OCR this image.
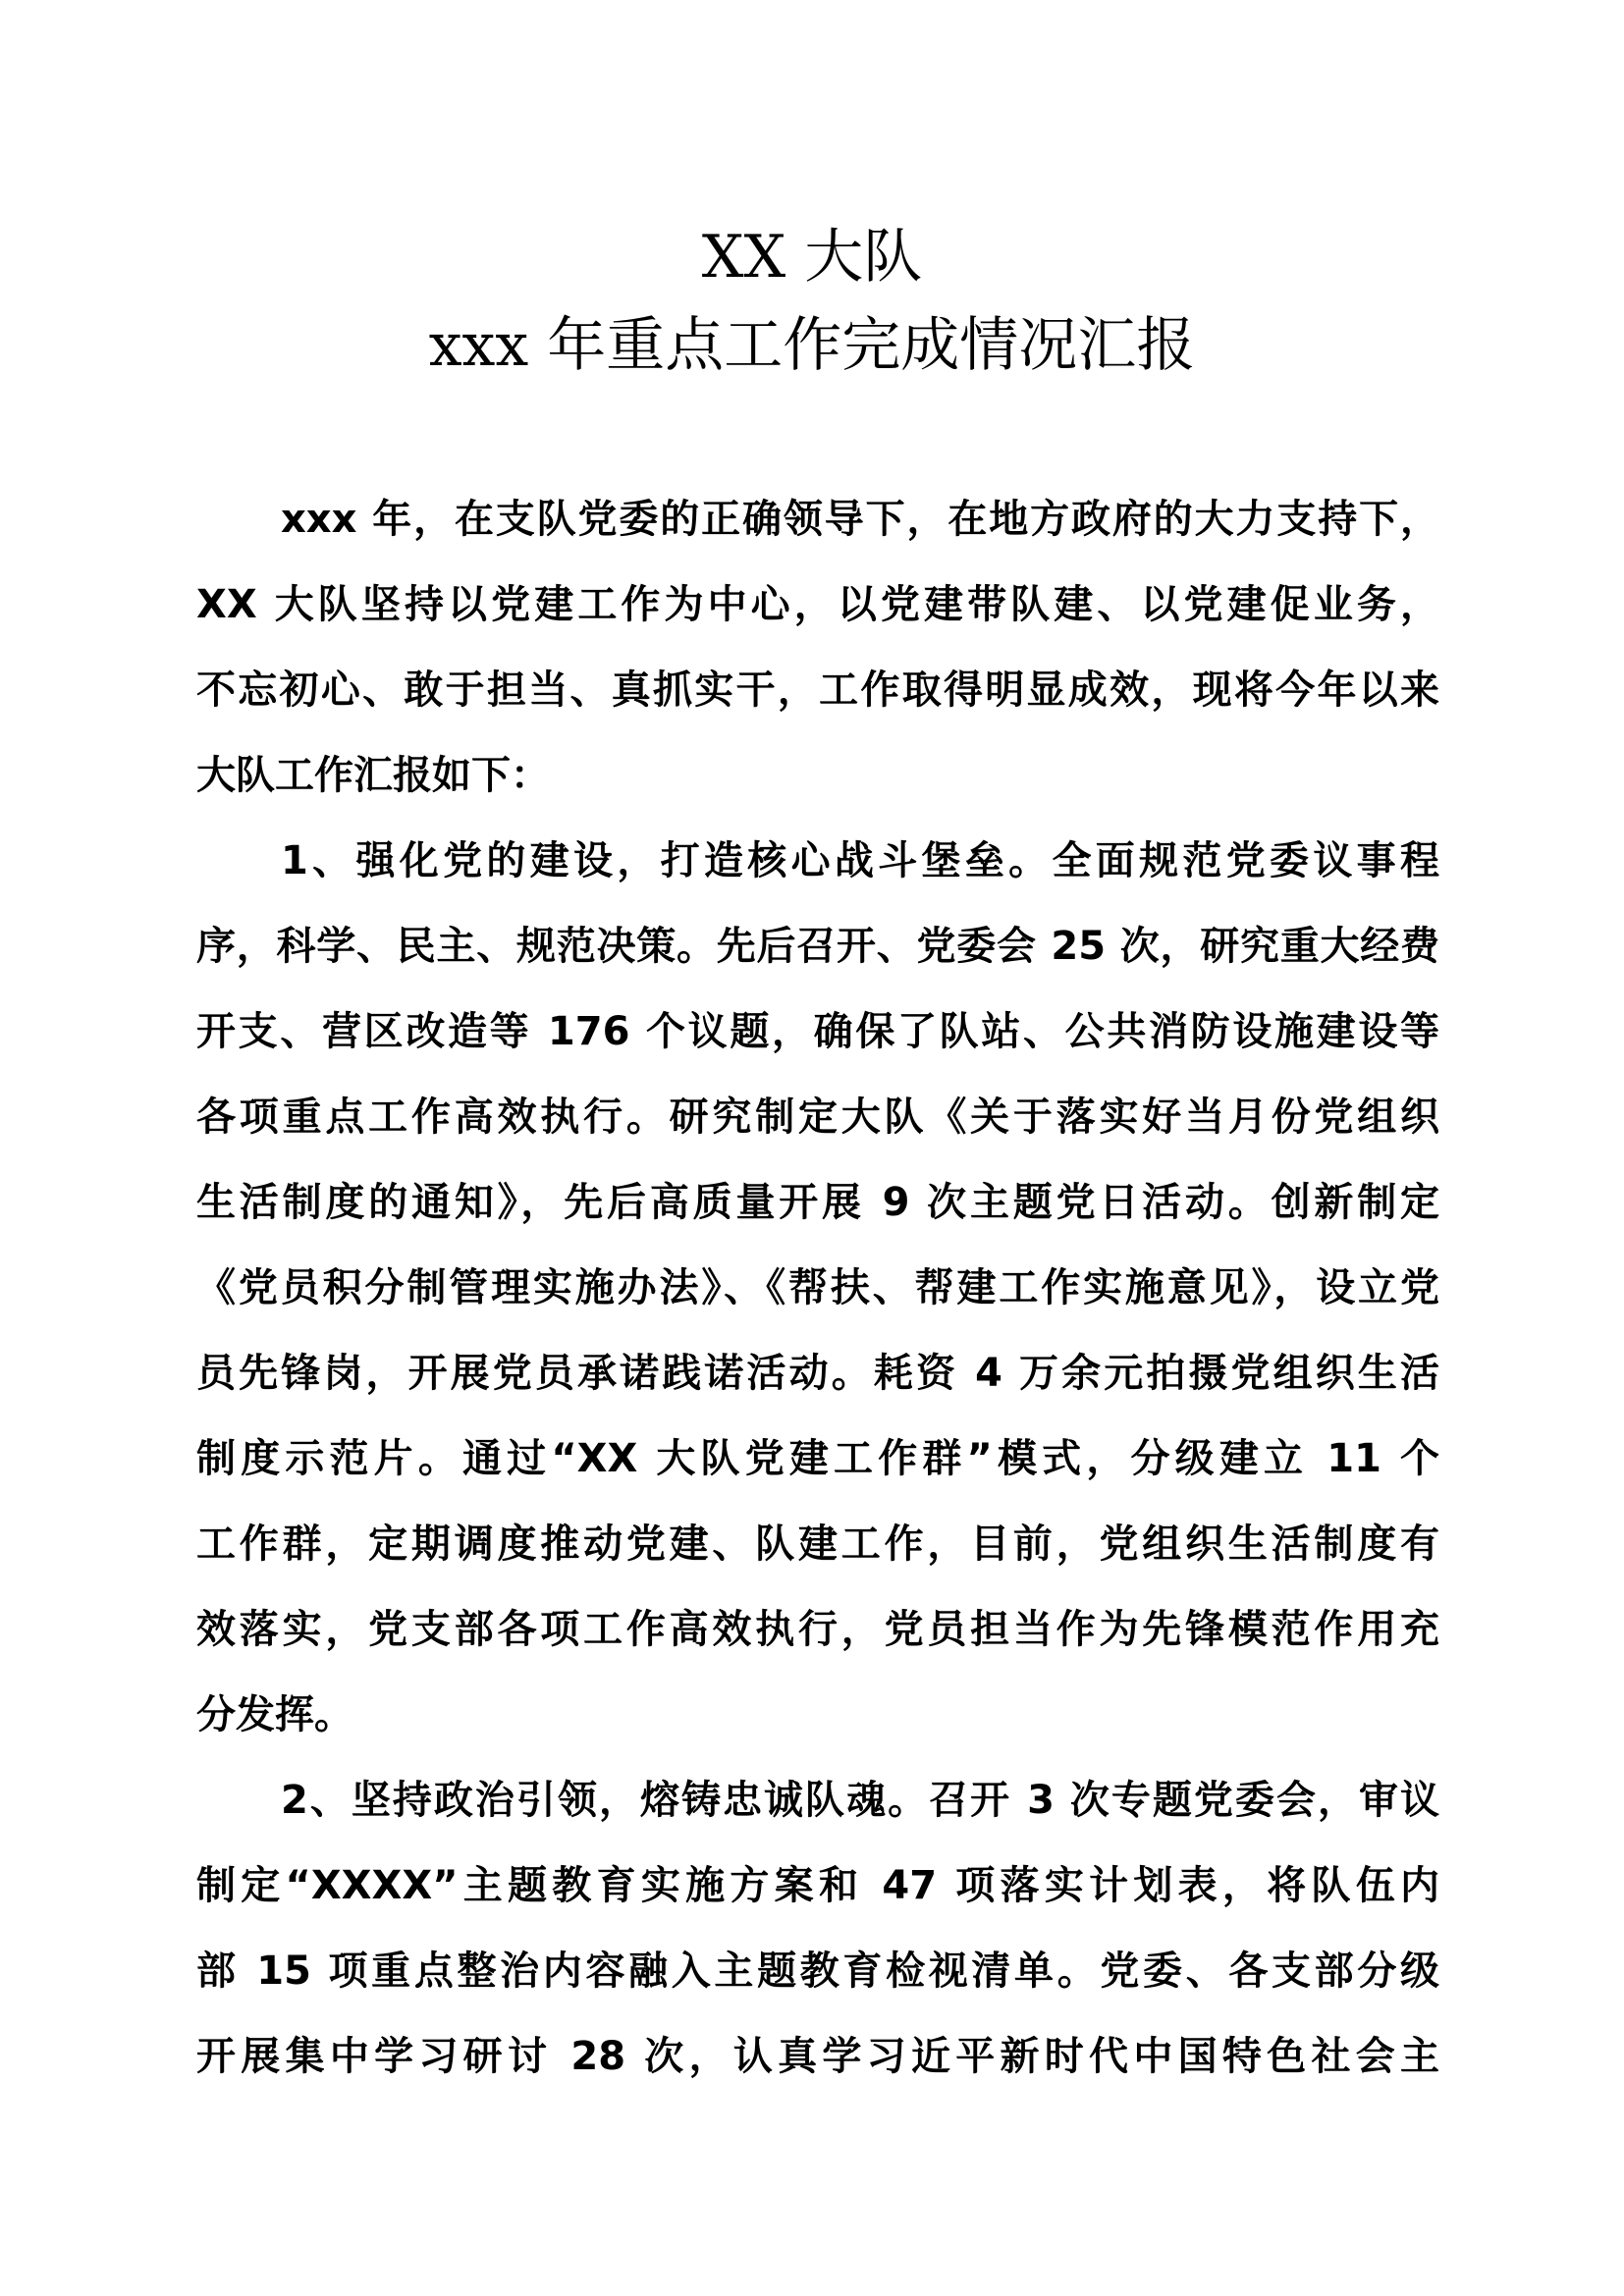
XX 大队
xxx 年重点工作完成情况汇报
xxx 年，在支队党委的正确领导下，在地方政府的大力支持下，
XX 大队坚持以党建工作为中心，以党建带队建、以党建促业务，
不忘初心、敢于担当、真抓实干，工作取得明显成效，现将今年以来
大队工作汇报如下：
1、强化党的建设，打造核心战斗堡垒。全面规范党委议事程
序，科学、民主、规范决策。先后召开、党委会 25 次，研究重大经费
开支、营区改造等 176 个议题，确保了队站、公共消防设施建设等
各项重点工作高效执行。研究制定大队《关于落实好当月份党组织
生活制度的通知》，先后高质量开展 9 次主题党日活动。创新制定
《党员积分制管理实施办法》、《帮扶、帮建工作实施意见》，设立党
员先锋岗，开展党员承诺践诺活动。耗资 4 万余元拍摄党组织生活
制度示范片。通过“XX 大队党建工作群”模式，分级建立 11 个
工作群，定期调度推动党建、队建工作，目前，党组织生活制度有
效落实，党支部各项工作高效执行，党员担当作为先锋模范作用充
分发挥。
2、坚持政治引领，熔铸忠诚队魂。召开 3 次专题党委会，审议
制定“XXXX”主题教育实施方案和 47 项落实计划表，将队伍内
部 15 项重点整治内容融入主题教育检视清单。党委、各支部分级
开展集中学习研讨 28 次，认真学习近平新时代中国特色社会主
